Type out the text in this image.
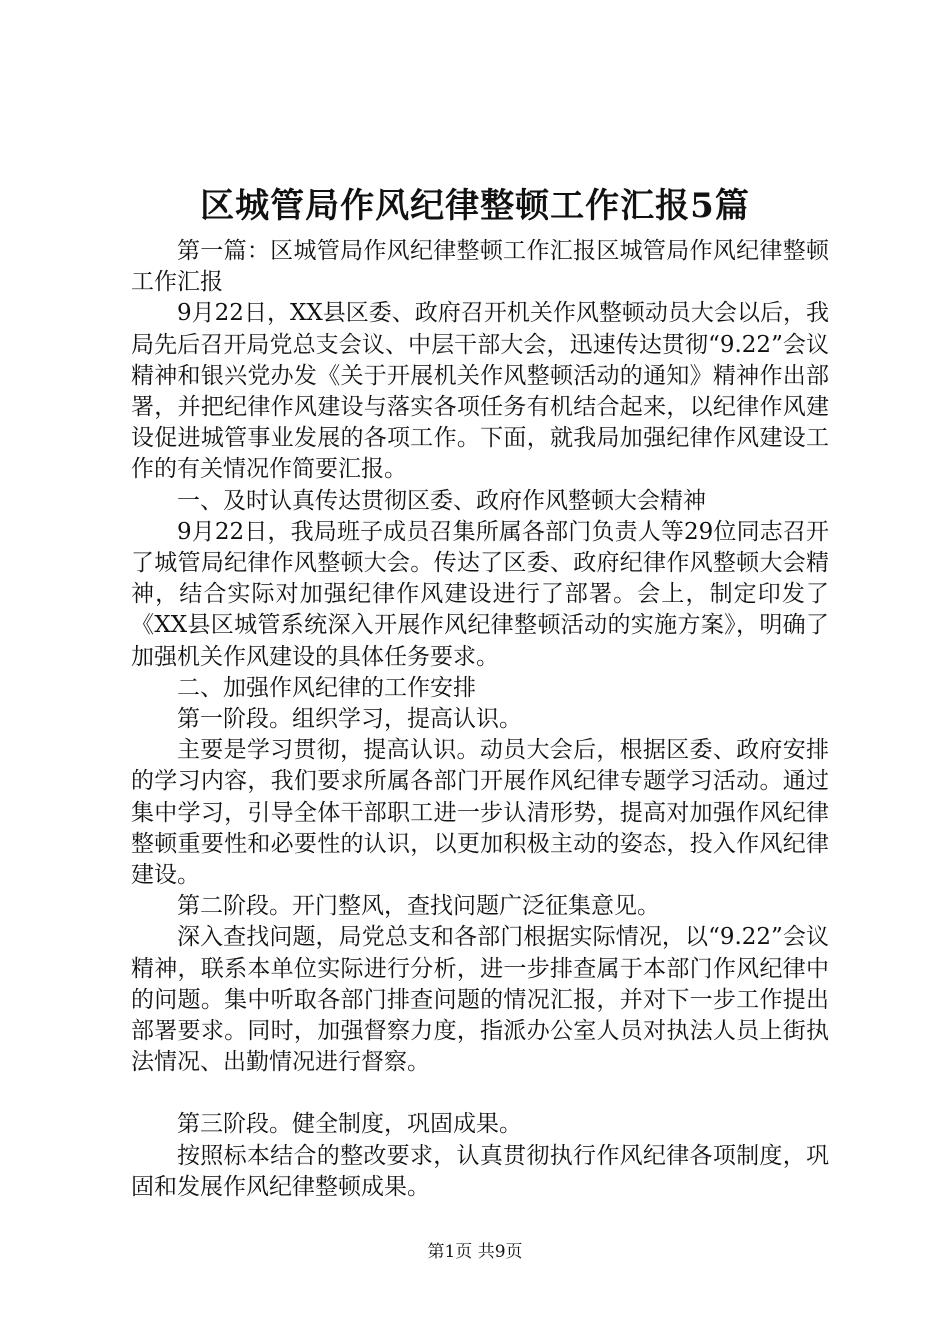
区城管局作风纪律整顿工作汇报5篇

第一篇：区城管局作风纪律整顿工作汇报区城管局作风纪律整顿工作汇报

9月22日，XX县区委、政府召开机关作风整顿动员大会以后，我局先后召开局党总支会议、中层干部大会，迅速传达贯彻“9.22”会议精神和银兴党办发《关于开展机关作风整顿活动的通知》精神作出部署，并把纪律作风建设与落实各项任务有机结合起来，以纪律作风建设促进城管事业发展的各项工作。下面，就我局加强纪律作风建设工作的有关情况作简要汇报。

一、及时认真传达贯彻区委、政府作风整顿大会精神

9月22日，我局班子成员召集所属各部门负责人等29位同志召开了城管局纪律作风整顿大会。传达了区委、政府纪律作风整顿大会精神，结合实际对加强纪律作风建设进行了部署。会上，制定印发了《XX县区城管系统深入开展作风纪律整顿活动的实施方案》，明确了加强机关作风建设的具体任务要求。

二、加强作风纪律的工作安排

第一阶段。组织学习，提高认识。

主要是学习贯彻，提高认识。动员大会后，根据区委、政府安排的学习内容，我们要求所属各部门开展作风纪律专题学习活动。通过集中学习，引导全体干部职工进一步认清形势，提高对加强作风纪律整顿重要性和必要性的认识，以更加积极主动的姿态，投入作风纪律建设。

第二阶段。开门整风，查找问题广泛征集意见。

深入查找问题，局党总支和各部门根据实际情况，以“9.22”会议精神，联系本单位实际进行分析，进一步排查属于本部门作风纪律中的问题。集中听取各部门排查问题的情况汇报，并对下一步工作提出部署要求。同时，加强督察力度，指派办公室人员对执法人员上街执法情况、出勤情况进行督察。

第三阶段。健全制度，巩固成果。

按照标本结合的整改要求，认真贯彻执行作风纪律各项制度，巩固和发展作风纪律整顿成果。

第1页 共9页
